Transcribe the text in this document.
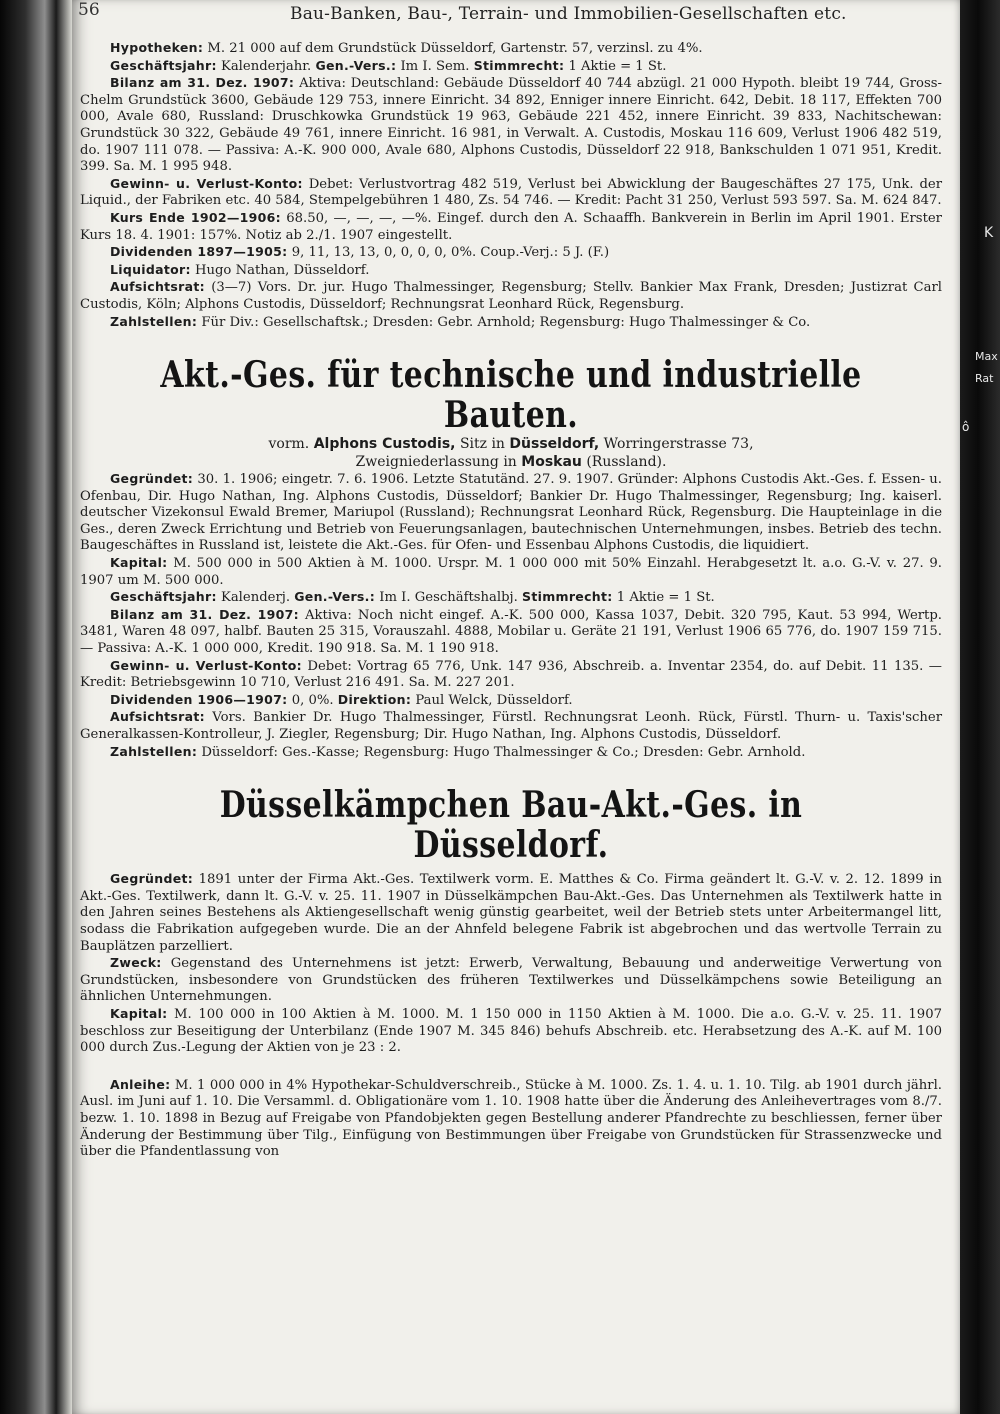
K
Max
Rat
ô
56	Bau-Banken, Bau-, Terrain- und Immobilien-Gesellschaften etc.

Hypotheken: M. 21 000 auf dem Grundstück Düsseldorf, Gartenstr. 57, verzinsl. zu 4%.

Geschäftsjahr: Kalenderjahr. Gen.-Vers.: Im I. Sem. Stimmrecht: 1 Aktie = 1 St.

Bilanz am 31. Dez. 1907: Aktiva: Deutschland: Gebäude Düsseldorf 40 744 abzügl. 21 000 Hypoth. bleibt 19 744, Gross-Chelm Grundstück 3600, Gebäude 129 753, innere Einricht. 34 892, Enniger innere Einricht. 642, Debit. 18 117, Effekten 700 000, Avale 680, Russland: Druschkowka Grundstück 19 963, Gebäude 221 452, innere Einricht. 39 833, Nachitschewan: Grundstück 30 322, Gebäude 49 761, innere Einricht. 16 981, in Verwalt. A. Custodis, Moskau 116 609, Verlust 1906 482 519, do. 1907 111 078. — Passiva: A.-K. 900 000, Avale 680, Alphons Custodis, Düsseldorf 22 918, Bankschulden 1 071 951, Kredit. 399. Sa. M. 1 995 948.

Gewinn- u. Verlust-Konto: Debet: Verlustvortrag 482 519, Verlust bei Abwicklung der Baugeschäftes 27 175, Unk. der Liquid., der Fabriken etc. 40 584, Stempelgebühren 1 480, Zs. 54 746. — Kredit: Pacht 31 250, Verlust 593 597. Sa. M. 624 847.

Kurs Ende 1902—1906: 68.50, —, —, —, —%. Eingef. durch den A. Schaaffh. Bankverein in Berlin im April 1901. Erster Kurs 18. 4. 1901: 157%. Notiz ab 2./1. 1907 eingestellt.

Dividenden 1897—1905: 9, 11, 13, 13, 0, 0, 0, 0, 0%. Coup.-Verj.: 5 J. (F.)

Liquidator: Hugo Nathan, Düsseldorf.

Aufsichtsrat: (3—7) Vors. Dr. jur. Hugo Thalmessinger, Regensburg; Stellv. Bankier Max Frank, Dresden; Justizrat Carl Custodis, Köln; Alphons Custodis, Düsseldorf; Rechnungsrat Leonhard Rück, Regensburg.

Zahlstellen: Für Div.: Gesellschaftsk.; Dresden: Gebr. Arnhold; Regensburg: Hugo Thalmessinger & Co.

Akt.-Ges. für technische und industrielle Bauten.

vorm. Alphons Custodis, Sitz in Düsseldorf, Worringerstrasse 73,

Zweigniederlassung in Moskau (Russland).

Gegründet: 30. 1. 1906; eingetr. 7. 6. 1906. Letzte Statutänd. 27. 9. 1907. Gründer: Alphons Custodis Akt.-Ges. f. Essen- u. Ofenbau, Dir. Hugo Nathan, Ing. Alphons Custodis, Düsseldorf; Bankier Dr. Hugo Thalmessinger, Regensburg; Ing. kaiserl. deutscher Vizekonsul Ewald Bremer, Mariupol (Russland); Rechnungsrat Leonhard Rück, Regensburg. Die Haupteinlage in die Ges., deren Zweck Errichtung und Betrieb von Feuerungsanlagen, bautechnischen Unternehmungen, insbes. Betrieb des techn. Baugeschäftes in Russland ist, leistete die Akt.-Ges. für Ofen- und Essenbau Alphons Custodis, die liquidiert.

Kapital: M. 500 000 in 500 Aktien à M. 1000. Urspr. M. 1 000 000 mit 50% Einzahl. Herabgesetzt lt. a.o. G.-V. v. 27. 9. 1907 um M. 500 000.

Geschäftsjahr: Kalenderj. Gen.-Vers.: Im I. Geschäftshalbj. Stimmrecht: 1 Aktie = 1 St.

Bilanz am 31. Dez. 1907: Aktiva: Noch nicht eingef. A.-K. 500 000, Kassa 1037, Debit. 320 795, Kaut. 53 994, Wertp. 3481, Waren 48 097, halbf. Bauten 25 315, Vorauszahl. 4888, Mobilar u. Geräte 21 191, Verlust 1906 65 776, do. 1907 159 715. — Passiva: A.-K. 1 000 000, Kredit. 190 918. Sa. M. 1 190 918.

Gewinn- u. Verlust-Konto: Debet: Vortrag 65 776, Unk. 147 936, Abschreib. a. Inventar 2354, do. auf Debit. 11 135. — Kredit: Betriebsgewinn 10 710, Verlust 216 491. Sa. M. 227 201.

Dividenden 1906—1907: 0, 0%. Direktion: Paul Welck, Düsseldorf.

Aufsichtsrat: Vors. Bankier Dr. Hugo Thalmessinger, Fürstl. Rechnungsrat Leonh. Rück, Fürstl. Thurn- u. Taxis'scher Generalkassen-Kontrolleur, J. Ziegler, Regensburg; Dir. Hugo Nathan, Ing. Alphons Custodis, Düsseldorf.

Zahlstellen: Düsseldorf: Ges.-Kasse; Regensburg: Hugo Thalmessinger & Co.; Dresden: Gebr. Arnhold.

Düsselkämpchen Bau-Akt.-Ges. in Düsseldorf.

Gegründet: 1891 unter der Firma Akt.-Ges. Textilwerk vorm. E. Matthes & Co. Firma geändert lt. G.-V. v. 2. 12. 1899 in Akt.-Ges. Textilwerk, dann lt. G.-V. v. 25. 11. 1907 in Düsselkämpchen Bau-Akt.-Ges. Das Unternehmen als Textilwerk hatte in den Jahren seines Bestehens als Aktiengesellschaft wenig günstig gearbeitet, weil der Betrieb stets unter Arbeitermangel litt, sodass die Fabrikation aufgegeben wurde. Die an der Ahnfeld belegene Fabrik ist abgebrochen und das wertvolle Terrain zu Bauplätzen parzelliert.

Zweck: Gegenstand des Unternehmens ist jetzt: Erwerb, Verwaltung, Bebauung und anderweitige Verwertung von Grundstücken, insbesondere von Grundstücken des früheren Textilwerkes und Düsselkämpchens sowie Beteiligung an ähnlichen Unternehmungen.

Kapital: M. 100 000 in 100 Aktien à M. 1000. M. 1 150 000 in 1150 Aktien à M. 1000. Die a.o. G.-V. v. 25. 11. 1907 beschloss zur Beseitigung der Unterbilanz (Ende 1907 M. 345 846) behufs Abschreib. etc. Herabsetzung des A.-K. auf M. 100 000 durch Zus.-Legung der Aktien von je 23 : 2.

Anleihe: M. 1 000 000 in 4% Hypothekar-Schuldverschreib., Stücke à M. 1000. Zs. 1. 4. u. 1. 10. Tilg. ab 1901 durch jährl. Ausl. im Juni auf 1. 10. Die Versamml. d. Obligationäre vom 1. 10. 1908 hatte über die Änderung des Anleihevertrages vom 8./7. bezw. 1. 10. 1898 in Bezug auf Freigabe von Pfandobjekten gegen Bestellung anderer Pfandrechte zu beschliessen, ferner über Änderung der Bestimmung über Tilg., Einfügung von Bestimmungen über Freigabe von Grundstücken für Strassenzwecke und über die Pfandentlassung von
